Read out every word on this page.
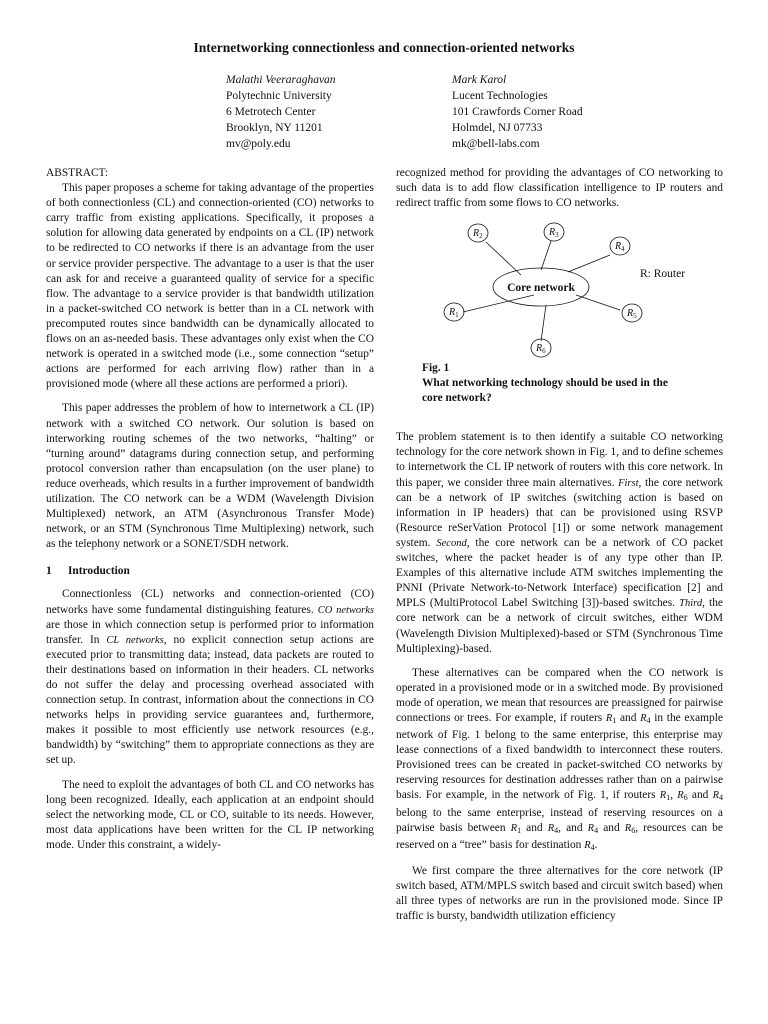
Internetworking connectionless and connection-oriented networks
Malathi Veeraraghavan
Polytechnic University
6 Metrotech Center
Brooklyn, NY 11201
mv@poly.edu
Mark Karol
Lucent Technologies
101 Crawfords Corner Road
Holmdel, NJ 07733
mk@bell-labs.com

ABSTRACT:

This paper proposes a scheme for taking advantage of the properties of both connectionless (CL) and connection-oriented (CO) networks to carry traffic from existing applications. Specifically, it proposes a solution for allowing data generated by endpoints on a CL (IP) network to be redirected to CO networks if there is an advantage from the user or service provider perspective. The advantage to a user is that the user can ask for and receive a guaranteed quality of service for a specific flow. The advantage to a service provider is that bandwidth utilization in a packet-switched CO network is better than in a CL network with precomputed routes since bandwidth can be dynamically allocated to flows on an as-needed basis. These advantages only exist when the CO network is operated in a switched mode (i.e., some connection “setup” actions are performed for each arriving flow) rather than in a provisioned mode (where all these actions are performed a priori).

This paper addresses the problem of how to internetwork a CL (IP) network with a switched CO network. Our solution is based on interworking routing schemes of the two networks, “halting” or “turning around” datagrams during connection setup, and performing protocol conversion rather than encapsulation (on the user plane) to reduce overheads, which results in a further improvement of bandwidth utilization. The CO network can be a WDM (Wavelength Division Multiplexed) network, an ATM (Asynchronous Transfer Mode) network, or an STM (Synchronous Time Multiplexing) network, such as the telephony network or a SONET/SDH network.

1 Introduction

Connectionless (CL) networks and connection-oriented (CO) networks have some fundamental distinguishing features. CO networks are those in which connection setup is performed prior to information transfer. In CL networks, no explicit connection setup actions are executed prior to transmitting data; instead, data packets are routed to their destinations based on information in their headers. CL networks do not suffer the delay and processing overhead associated with connection setup. In contrast, information about the connections in CO networks helps in providing service guarantees and, furthermore, makes it possible to most efficiently use network resources (e.g., bandwidth) by “switching” them to appropriate connections as they are set up.

The need to exploit the advantages of both CL and CO networks has long been recognized. Ideally, each application at an endpoint should select the networking mode, CL or CO, suitable to its needs. However, most data applications have been written for the CL IP networking mode. Under this constraint, a widely-

recognized method for providing the advantages of CO networking to such data is to add flow classification intelligence to IP routers and redirect traffic from some flows to CO networks.

$R_1$
$R_2$	$R_3$
$R_4$
$R_5$
$R_6$
Core network
R: Router
Fig. 1What networking technology should be used in the core network?

The problem statement is to then identify a suitable CO networking technology for the core network shown in Fig. 1, and to define schemes to internetwork the CL IP network of routers with this core network. In this paper, we consider three main alternatives. First, the core network can be a network of IP switches (switching action is based on information in IP headers) that can be provisioned using RSVP (Resource reSerVation Protocol [1]) or some network management system. Second, the core network can be a network of CO packet switches, where the packet header is of any type other than IP. Examples of this alternative include ATM switches implementing the PNNI (Private Network-to-Network Interface) specification [2] and MPLS (MultiProtocol Label Switching [3])-based switches. Third, the core network can be a network of circuit switches, either WDM (Wavelength Division Multiplexed)-based or STM (Synchronous Time Multiplexing)-based.

These alternatives can be compared when the CO network is operated in a provisioned mode or in a switched mode. By provisioned mode of operation, we mean that resources are preassigned for pairwise connections or trees. For example, if routers $R_1$ and $R_4$ in the example network of Fig. 1 belong to the same enterprise, this enterprise may lease connections of a fixed bandwidth to interconnect these routers. Provisioned trees can be created in packet-switched CO networks by reserving resources for destination addresses rather than on a pairwise basis. For example, in the network of Fig. 1, if routers $R_1$, $R_6$ and $R_4$ belong to the same enterprise, instead of reserving resources on a pairwise basis between $R_1$ and $R_4$, and $R_4$ and $R_6$, resources can be reserved on a “tree” basis for destination $R_4$.

We first compare the three alternatives for the core network (IP switch based, ATM/MPLS switch based and circuit switch based) when all three types of networks are run in the provisioned mode. Since IP traffic is bursty, bandwidth utilization efficiency
